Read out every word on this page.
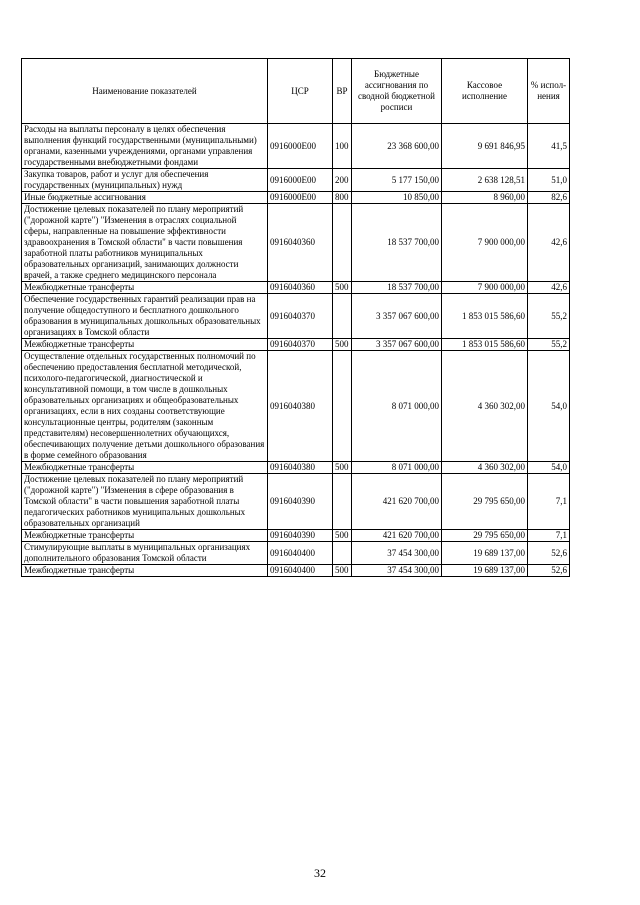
Наименование показателей	ЦСР	ВР	Бюджетные ассигнования по сводной бюджетной росписи	Кассовое исполнение	% испол-нения
Расходы на выплаты персоналу в целях обеспечения выполнения функций государственными (муниципальными) органами, казенными учреждениями, органами управления государственными внебюджетными фондами	0916000Е00	100	23 368 600,00	9 691 846,95	41,5
Закупка товаров, работ и услуг для обеспечения государственных (муниципальных) нужд	0916000Е00	200	5 177 150,00	2 638 128,51	51,0
Иные бюджетные ассигнования	0916000Е00	800	10 850,00	8 960,00	82,6
Достижение целевых показателей по плану мероприятий ("дорожной карте") "Изменения в отраслях социальной сферы, направленные на повышение эффективности здравоохранения в Томской области" в части повышения заработной платы работников муниципальных образовательных организаций, занимающих должности врачей, а также среднего медицинского персонала	0916040360		18 537 700,00	7 900 000,00	42,6
Межбюджетные трансферты	0916040360	500	18 537 700,00	7 900 000,00	42,6
Обеспечение государственных гарантий реализации прав на получение общедоступного и бесплатного дошкольного образования в муниципальных дошкольных образовательных организациях в Томской области	0916040370		3 357 067 600,00	1 853 015 586,60	55,2
Межбюджетные трансферты	0916040370	500	3 357 067 600,00	1 853 015 586,60	55,2
Осуществление отдельных государственных полномочий по обеспечению предоставления бесплатной методической, психолого-педагогической, диагностической и консультативной помощи, в том числе в дошкольных образовательных организациях и общеобразовательных организациях, если в них созданы соответствующие консультационные центры, родителям (законным представителям) несовершеннолетних обучающихся, обеспечивающих получение детьми дошкольного образования в форме семейного образования	0916040380		8 071 000,00	4 360 302,00	54,0
Межбюджетные трансферты	0916040380	500	8 071 000,00	4 360 302,00	54,0
Достижение целевых показателей по плану мероприятий ("дорожной карте") "Изменения в сфере образования в Томской области" в части повышения заработной платы педагогических работников муниципальных дошкольных образовательных организаций	0916040390		421 620 700,00	29 795 650,00	7,1
Межбюджетные трансферты	0916040390	500	421 620 700,00	29 795 650,00	7,1
Стимулирующие выплаты в муниципальных организациях дополнительного образования Томской области	0916040400		37 454 300,00	19 689 137,00	52,6
Межбюджетные трансферты	0916040400	500	37 454 300,00	19 689 137,00	52,6
32
